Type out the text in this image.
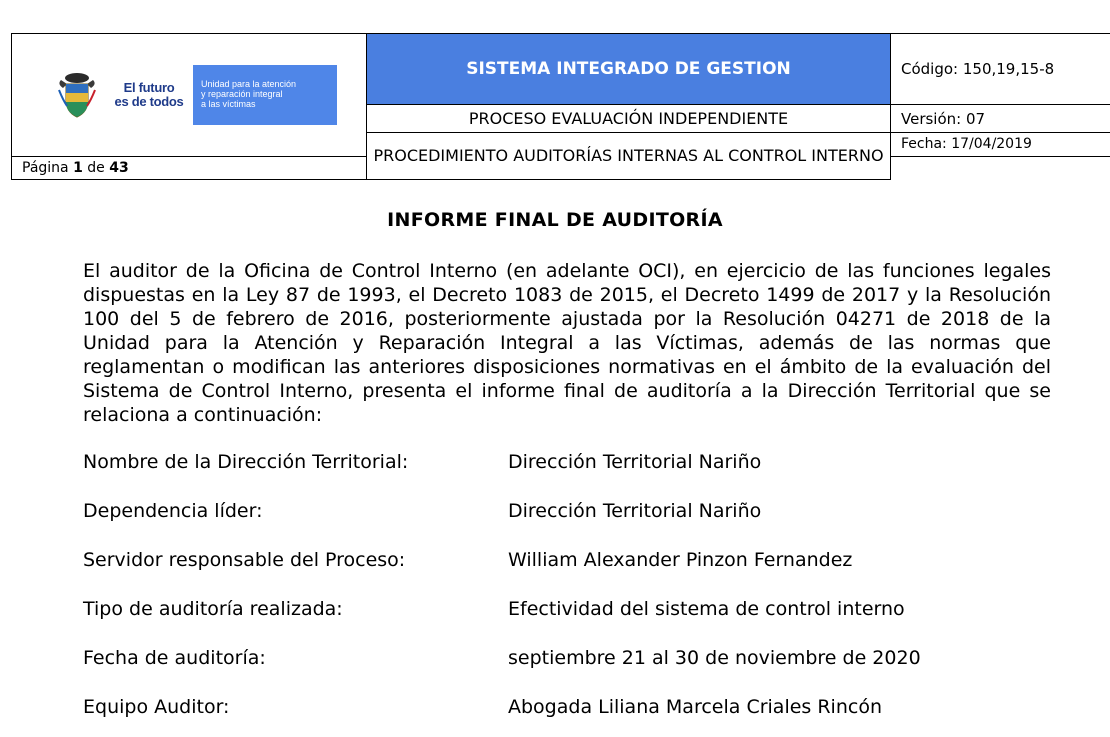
El futuro
es de todos
Unidad para la atención
y reparación integral
a las víctimas	SISTEMA INTEGRADO DE GESTION	Código: 150,19,15-8
	PROCESO EVALUACIÓN INDEPENDIENTE	Versión: 07
	PROCEDIMIENTO AUDITORÍAS INTERNAS AL CONTROL INTERNO	Fecha: 17/04/2019
Página 1 de 43		
INFORME FINAL DE AUDITORÍA

El auditor de la Oficina de Control Interno (en adelante OCI), en ejercicio de las funciones legales dispuestas en la Ley 87 de 1993, el Decreto 1083 de 2015, el Decreto 1499 de 2017 y la Resolución 100 del 5 de febrero de 2016, posteriormente ajustada por la Resolución 04271 de 2018 de la Unidad para la Atención y Reparación Integral a las Víctimas, además de las normas que reglamentan o modifican las anteriores disposiciones normativas en el ámbito de la evaluación del Sistema de Control Interno, presenta el informe final de auditoría a la Dirección Territorial que se relaciona a continuación:

Nombre de la Dirección Territorial:	Dirección Territorial Nariño
Dependencia líder:	Dirección Territorial Nariño
Servidor responsable del Proceso:	William Alexander Pinzon Fernandez
Tipo de auditoría realizada:	Efectividad del sistema de control interno
Fecha de auditoría:	septiembre 21 al 30 de noviembre de 2020
Equipo Auditor:	Abogada Liliana Marcela Criales Rincón
